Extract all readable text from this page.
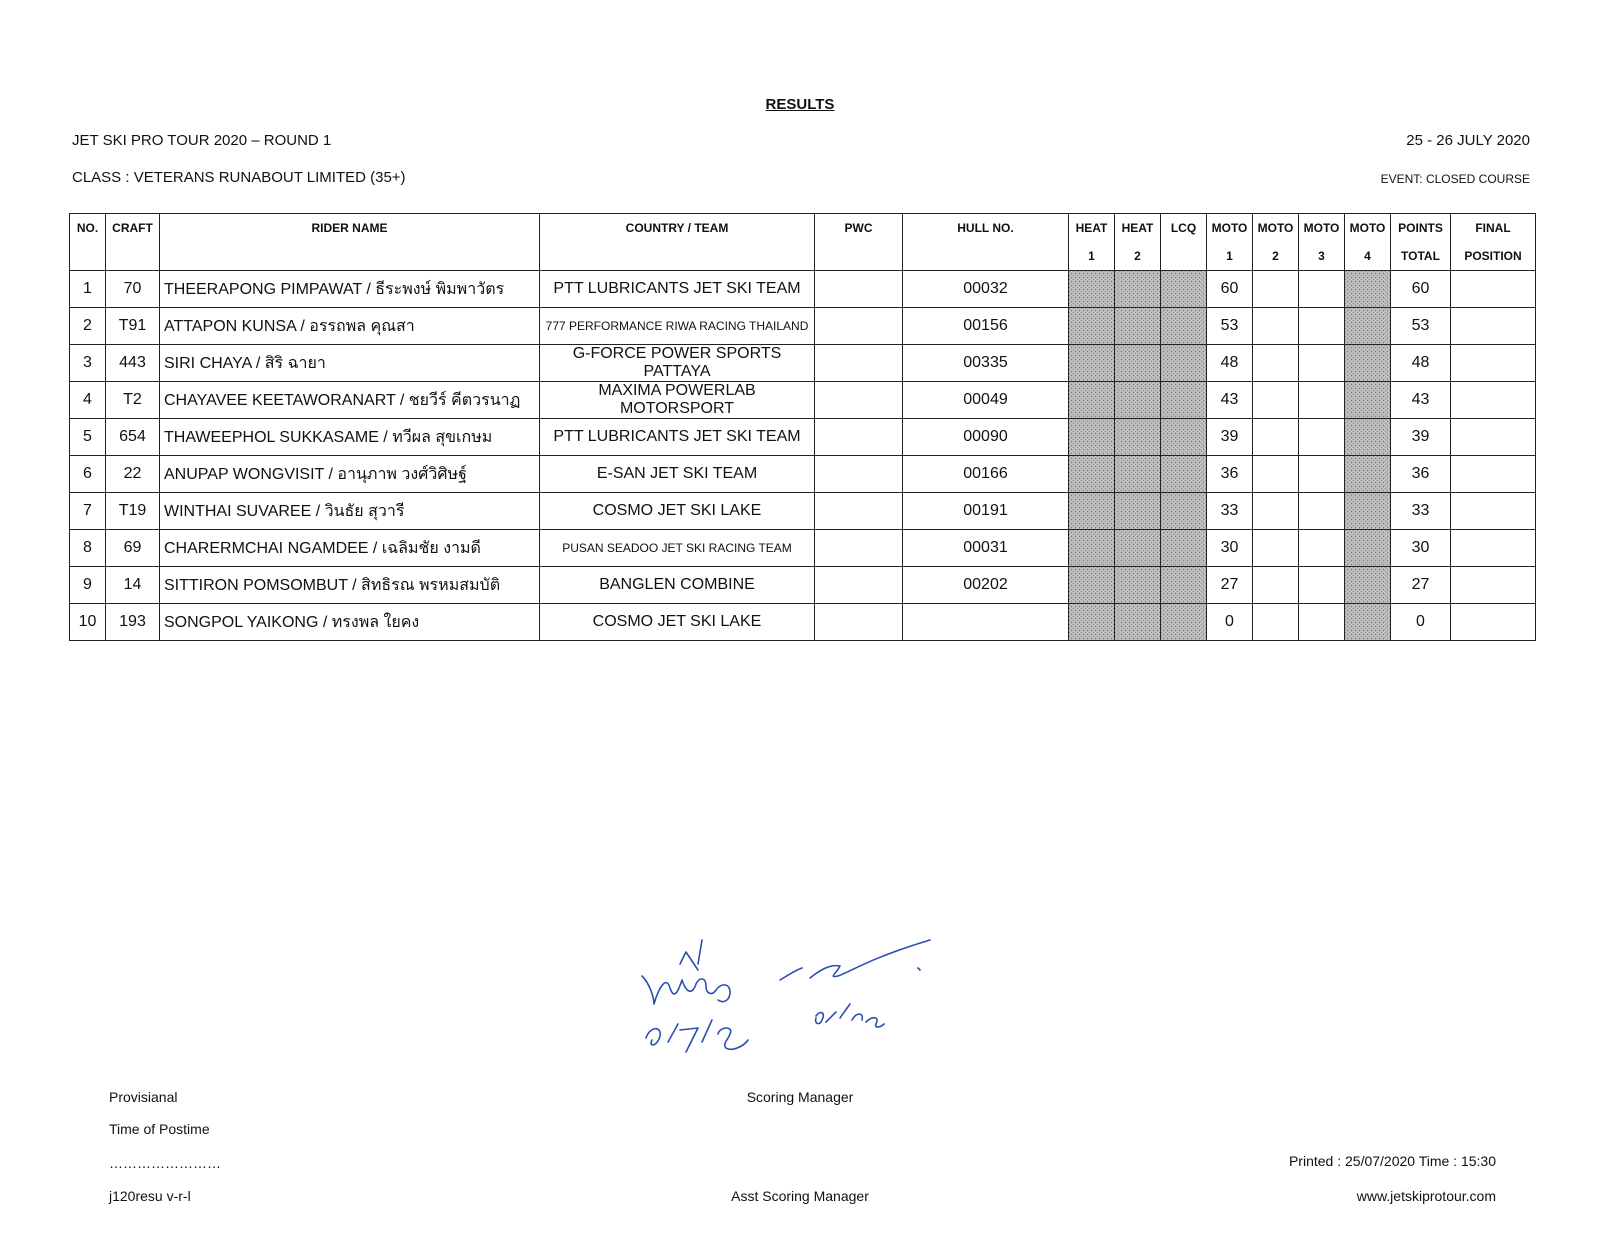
RESULTS
JET SKI PRO TOUR 2020 – ROUND 1	25 - 26 JULY 2020
CLASS : VETERANS RUNABOUT LIMITED (35+)	EVENT: CLOSED COURSE
NO.	CRAFT	RIDER NAME	COUNTRY / TEAM	PWC	HULL NO.	HEAT	HEAT	LCQ	MOTO	MOTO	MOTO	MOTO	POINTS	FINAL
						1	2		1	2	3	4	TOTAL	POSITION
1	70	THEERAPONG PIMPAWAT / ธีระพงษ์ พิมพาวัตร	PTT LUBRICANTS JET SKI TEAM		00032				60				60	
2	T91	ATTAPON KUNSA / อรรถพล คุณสา	777 PERFORMANCE RIWA RACING THAILAND		00156				53				53	
3	443	SIRI CHAYA / สิริ ฉายา	G-FORCE POWER SPORTS PATTAYA		00335				48				48	
4	T2	CHAYAVEE KEETAWORANART / ชยวีร์ คีตวรนาฏ	MAXIMA POWERLAB MOTORSPORT		00049				43				43	
5	654	THAWEEPHOL SUKKASAME / ทวีผล สุขเกษม	PTT LUBRICANTS JET SKI TEAM		00090				39				39	
6	22	ANUPAP WONGVISIT / อานุภาพ วงศ์วิศิษฐ์	E-SAN JET SKI TEAM		00166				36				36	
7	T19	WINTHAI SUVAREE / วินธัย สุวารี	COSMO JET SKI LAKE		00191				33				33	
8	69	CHARERMCHAI NGAMDEE / เฉลิมชัย งามดี	PUSAN SEADOO JET SKI RACING TEAM		00031				30				30	
9	14	SITTIRON POMSOMBUT / สิทธิรณ พรหมสมบัติ	BANGLEN COMBINE		00202				27				27	
10	193	SONGPOL YAIKONG / ทรงพล ใยคง	COSMO JET SKI LAKE						0				0	
Provisianal
Time of Postime
……………………
j120resu v-r-l
Scoring Manager
Asst Scoring Manager
Printed : 25/07/2020 Time : 15:30
www.jetskiprotour.com
